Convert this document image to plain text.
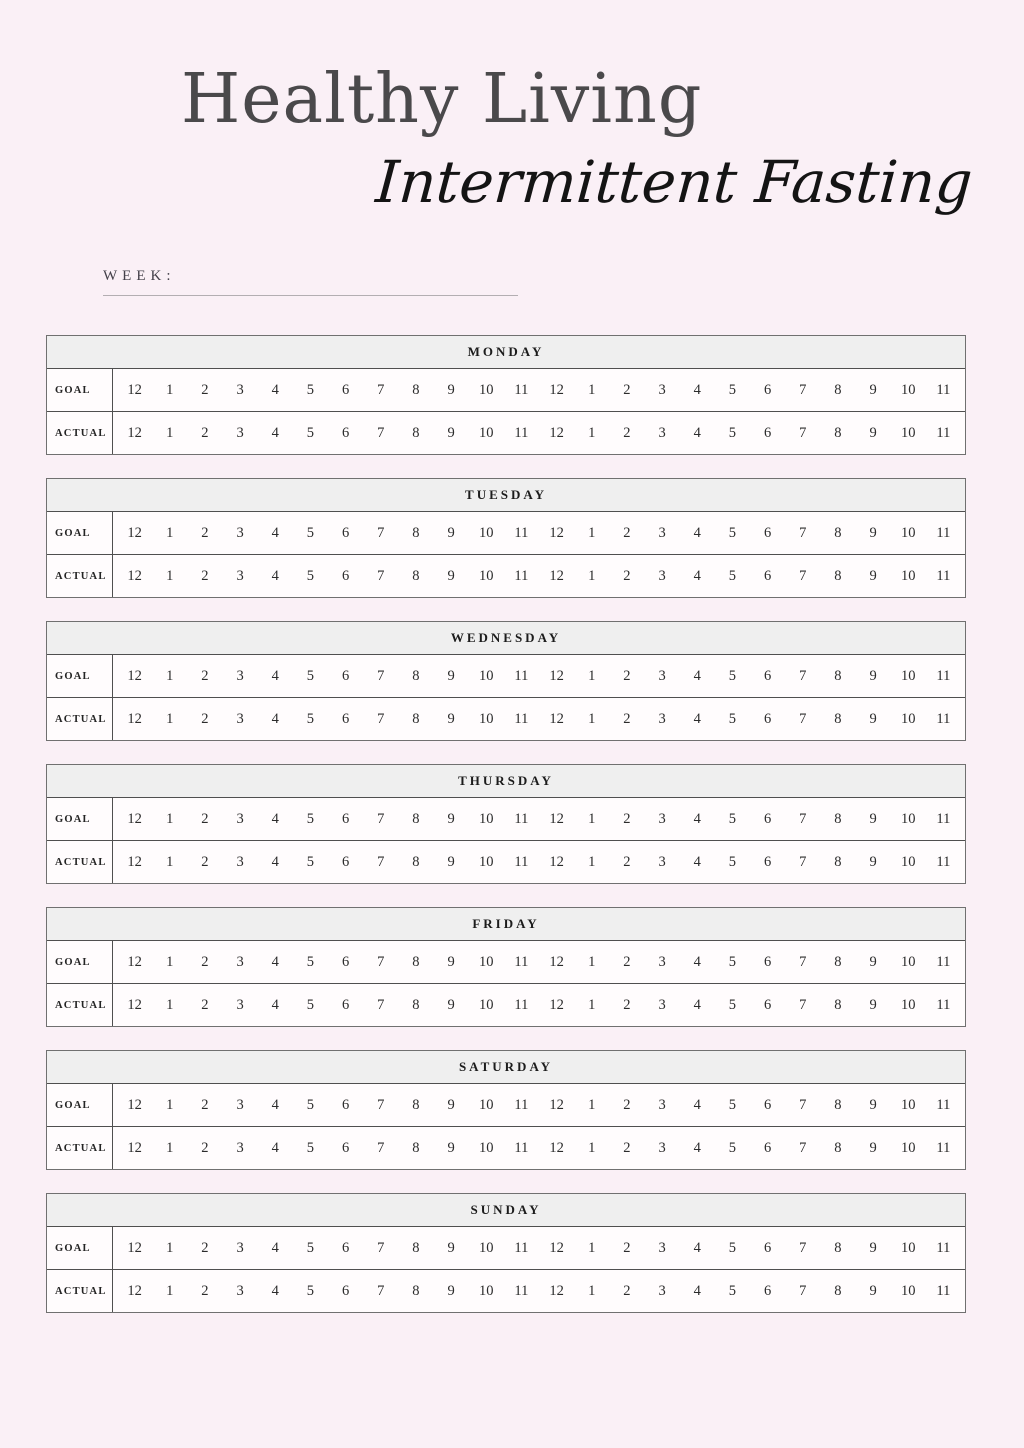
Healthy Living
Intermittent Fasting
WEEK:
MONDAY
GOAL	12	1	2	3	4	5	6	7	8	9	10	11	12	1	2	3	4	5	6	7	8	9	10	11
ACTUAL	12	1	2	3	4	5	6	7	8	9	10	11	12	1	2	3	4	5	6	7	8	9	10	11
TUESDAY
GOAL	12	1	2	3	4	5	6	7	8	9	10	11	12	1	2	3	4	5	6	7	8	9	10	11
ACTUAL	12	1	2	3	4	5	6	7	8	9	10	11	12	1	2	3	4	5	6	7	8	9	10	11
WEDNESDAY
GOAL	12	1	2	3	4	5	6	7	8	9	10	11	12	1	2	3	4	5	6	7	8	9	10	11
ACTUAL	12	1	2	3	4	5	6	7	8	9	10	11	12	1	2	3	4	5	6	7	8	9	10	11
THURSDAY
GOAL	12	1	2	3	4	5	6	7	8	9	10	11	12	1	2	3	4	5	6	7	8	9	10	11
ACTUAL	12	1	2	3	4	5	6	7	8	9	10	11	12	1	2	3	4	5	6	7	8	9	10	11
FRIDAY
GOAL	12	1	2	3	4	5	6	7	8	9	10	11	12	1	2	3	4	5	6	7	8	9	10	11
ACTUAL	12	1	2	3	4	5	6	7	8	9	10	11	12	1	2	3	4	5	6	7	8	9	10	11
SATURDAY
GOAL	12	1	2	3	4	5	6	7	8	9	10	11	12	1	2	3	4	5	6	7	8	9	10	11
ACTUAL	12	1	2	3	4	5	6	7	8	9	10	11	12	1	2	3	4	5	6	7	8	9	10	11
SUNDAY
GOAL	12	1	2	3	4	5	6	7	8	9	10	11	12	1	2	3	4	5	6	7	8	9	10	11
ACTUAL	12	1	2	3	4	5	6	7	8	9	10	11	12	1	2	3	4	5	6	7	8	9	10	11
